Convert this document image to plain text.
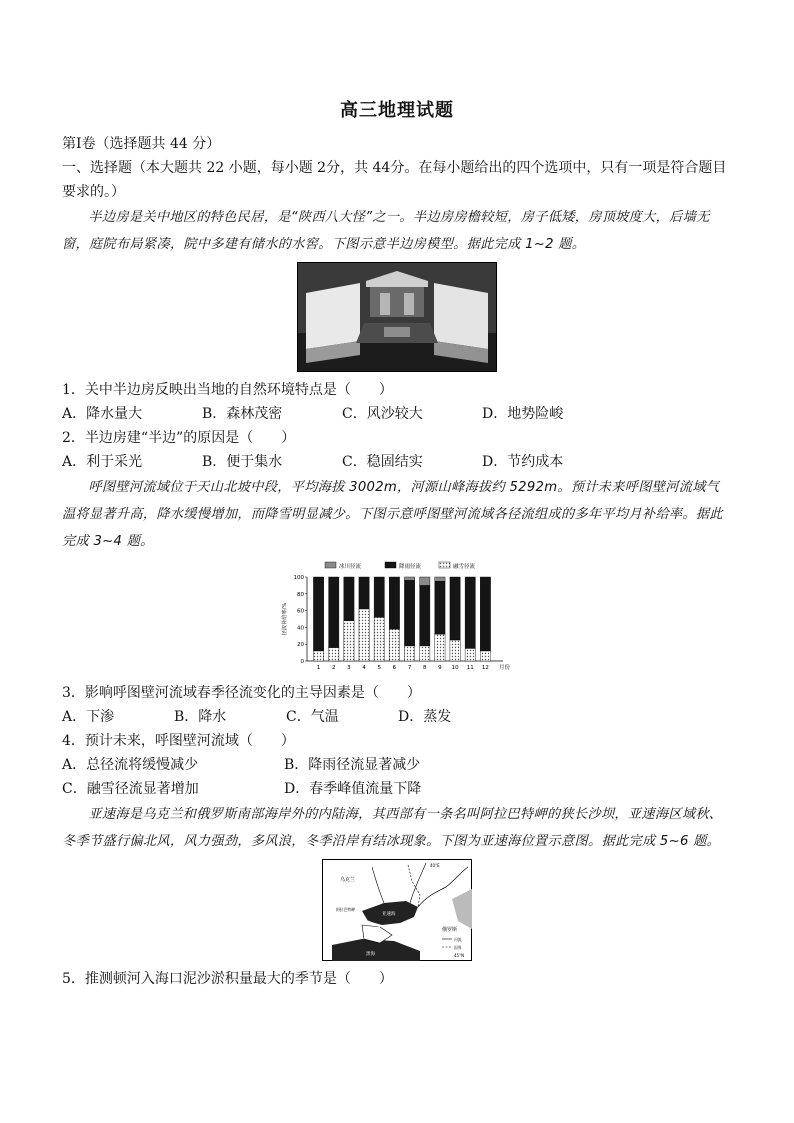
高三地理试题

第Ⅰ卷（选择题共 44 分）

一、选择题（本大题共 22 小题，每小题 2分，共 44分。在每小题给出的四个选项中，只有一项是符合题目要求的。）

半边房是关中地区的特色民居，是“陕西八大怪”之一。半边房房檐较短，房子低矮，房顶坡度大，后墙无窗，庭院布局紧凑，院中多建有储水的水窖。下图示意半边房模型。据此完成 1~2 题。

1．关中半边房反映出当地的自然环境特点是（　　）

A．降水量大	B．森林茂密	C．风沙较大	D．地势险峻

2．半边房建“半边”的原因是（　　）

A．利于采光	B．便于集水	C．稳固结实	D．节约成本

呼图壁河流域位于天山北坡中段，平均海拔 3002m，河源山峰海拔约 5292m。预计未来呼图壁河流域气温将显著升高，降水缓慢增加，而降雪明显减少。下图示意呼图壁河流域各径流组成的多年平均月补给率。据此完成 3~4 题。

冰川径流	降雨径流	融雪径流
0
20
40
60
80
100
径流补给率/%
1 2 3 4 5 6 7 8 9 10 11 12 月份

3．影响呼图壁河流域春季径流变化的主导因素是（　　）

A．下渗	B．降水	C．气温	D．蒸发

4．预计未来，呼图壁河流域（　　）

A．总径流将缓慢减少	B．降雨径流显著减少
C．融雪径流显著增加	D．春季峰值流量下降

亚速海是乌克兰和俄罗斯南部海岸外的内陆海，其西部有一条名叫阿拉巴特岬的狭长沙坝，亚速海区域秋、冬季节盛行偏北风，风力强劲，多风浪，冬季沿岸有结冰现象。下图为亚速海位置示意图。据此完成 5~6 题。

乌克兰
俄罗斯
亚速海
黑海
阿拉巴特岬
40°E
45°N
河流
国界

5．推测顿河入海口泥沙淤积量最大的季节是（　　）
